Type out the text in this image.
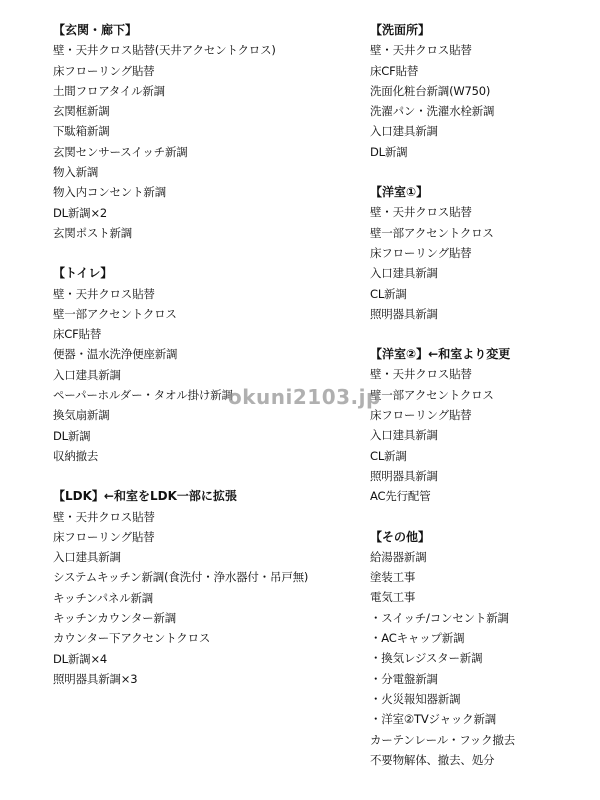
【玄関・廊下】
壁・天井クロス貼替(天井アクセントクロス)
床フローリング貼替
土間フロアタイル新調
玄関框新調
下駄箱新調
玄関センサースイッチ新調
物入新調
物入内コンセント新調
DL新調×2
玄関ポスト新調
【トイレ】
壁・天井クロス貼替
壁一部アクセントクロス
床CF貼替
便器・温水洗浄便座新調
入口建具新調
ペーパーホルダー・タオル掛け新調
換気扇新調
DL新調
収納撤去
【LDK】←和室をLDK一部に拡張
壁・天井クロス貼替
床フローリング貼替
入口建具新調
システムキッチン新調(食洗付・浄水器付・吊戸無)
キッチンパネル新調
キッチンカウンター新調
カウンター下アクセントクロス
DL新調×4
照明器具新調×3
【洗面所】
壁・天井クロス貼替
床CF貼替
洗面化粧台新調(W750)
洗濯パン・洗濯水栓新調
入口建具新調
DL新調
【洋室①】
壁・天井クロス貼替
壁一部アクセントクロス
床フローリング貼替
入口建具新調
CL新調
照明器具新調
【洋室②】←和室より変更
壁・天井クロス貼替
壁一部アクセントクロス
床フローリング貼替
入口建具新調
CL新調
照明器具新調
AC先行配管
【その他】
給湯器新調
塗装工事
電気工事
・スイッチ/コンセント新調
・ACキャップ新調
・換気レジスター新調
・分電盤新調
・火災報知器新調
・洋室②TVジャック新調
カーテンレール・フック撤去
不要物解体、撤去、処分
okuni2103.jp
